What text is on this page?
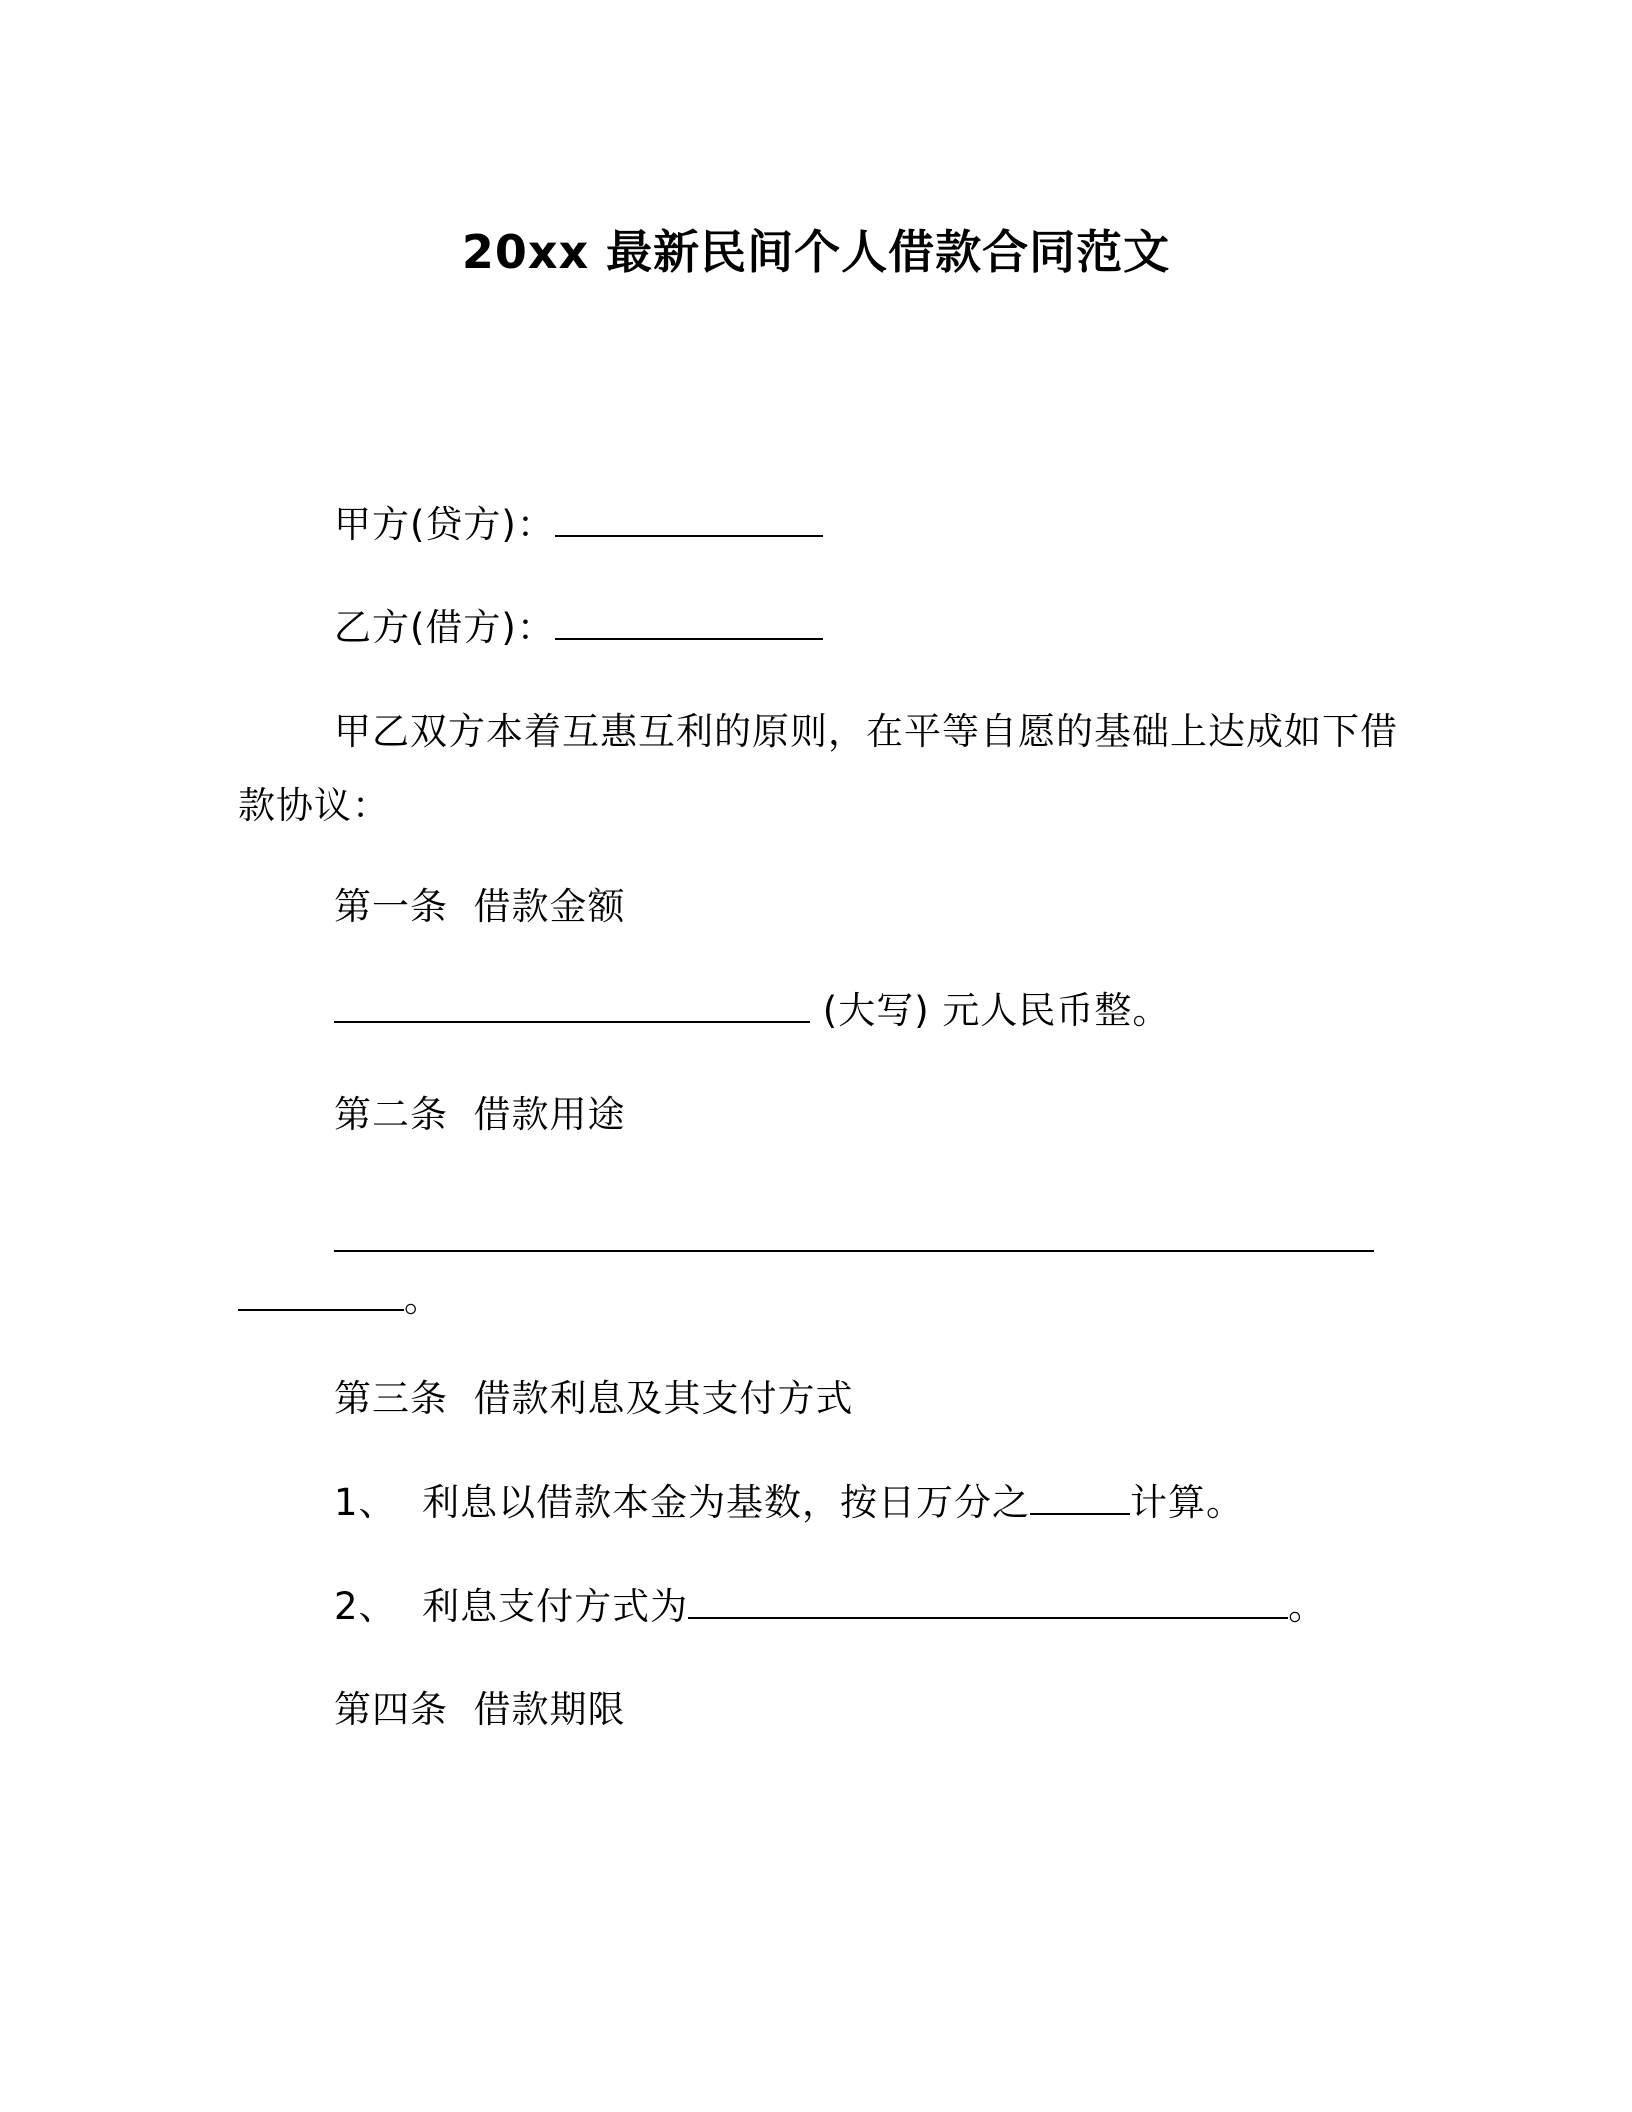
20xx 最新民间个人借款合同范文
甲方(贷方)：
乙方(借方)：
甲乙双方本着互惠互利的原则，在平等自愿的基础上达成如下借
款协议：
第一条  借款金额
(大写) 元人民币整。
第二条  借款用途
。
第三条  借款利息及其支付方式
1、  利息以借款本金为基数，按日万分之	计算。
2、  利息支付方式为	。
第四条  借款期限
